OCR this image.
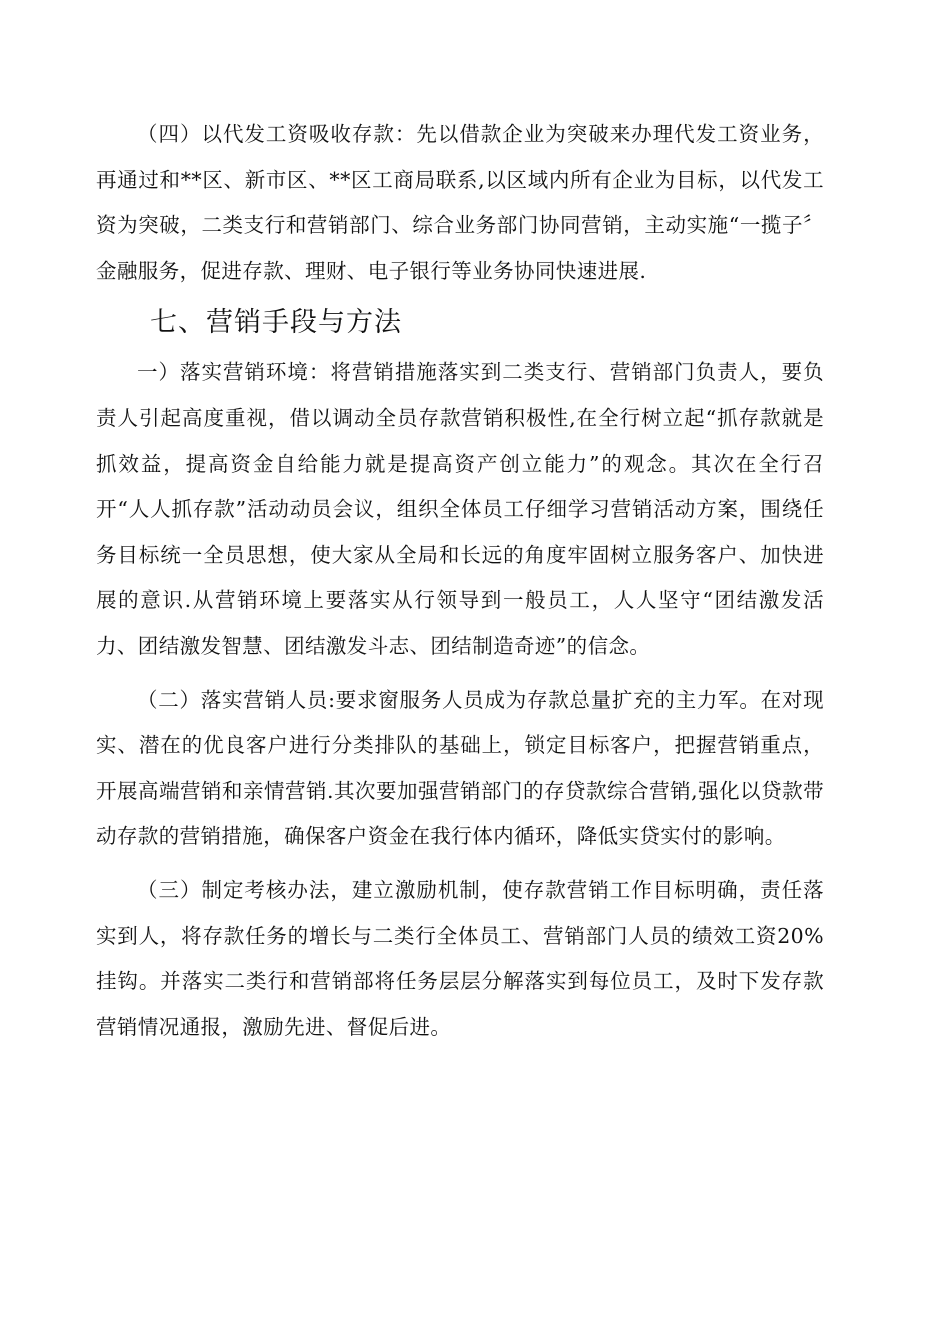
（四）以代发工资吸收存款：先以借款企业为突破来办理代发工资业务，再通过和**区、新市区、**区工商局联系,以区域内所有企业为目标，以代发工资为突破，二类支行和营销部门、综合业务部门协同营销，主动实施“一揽子〞金融服务，促进存款、理财、电子银行等业务协同快速进展.

七、营销手段与方法

一）落实营销环境：将营销措施落实到二类支行、营销部门负责人，要负责人引起高度重视，借以调动全员存款营销积极性,在全行树立起“抓存款就是抓效益，提高资金自给能力就是提高资产创立能力”的观念。其次在全行召开“人人抓存款”活动动员会议，组织全体员工仔细学习营销活动方案，围绕任务目标统一全员思想，使大家从全局和长远的角度牢固树立服务客户、加快进展的意识.从营销环境上要落实从行领导到一般员工，人人坚守“团结激发活力、团结激发智慧、团结激发斗志、团结制造奇迹”的信念。

（二）落实营销人员:要求窗服务人员成为存款总量扩充的主力军。在对现实、潜在的优良客户进行分类排队的基础上，锁定目标客户，把握营销重点，开展高端营销和亲情营销.其次要加强营销部门的存贷款综合营销,强化以贷款带动存款的营销措施，确保客户资金在我行体内循环，降低实贷实付的影响。

（三）制定考核办法，建立激励机制，使存款营销工作目标明确，责任落实到人，将存款任务的增长与二类行全体员工、营销部门人员的绩效工资20%挂钩。并落实二类行和营销部将任务层层分解落实到每位员工，及时下发存款营销情况通报，激励先进、督促后进。
